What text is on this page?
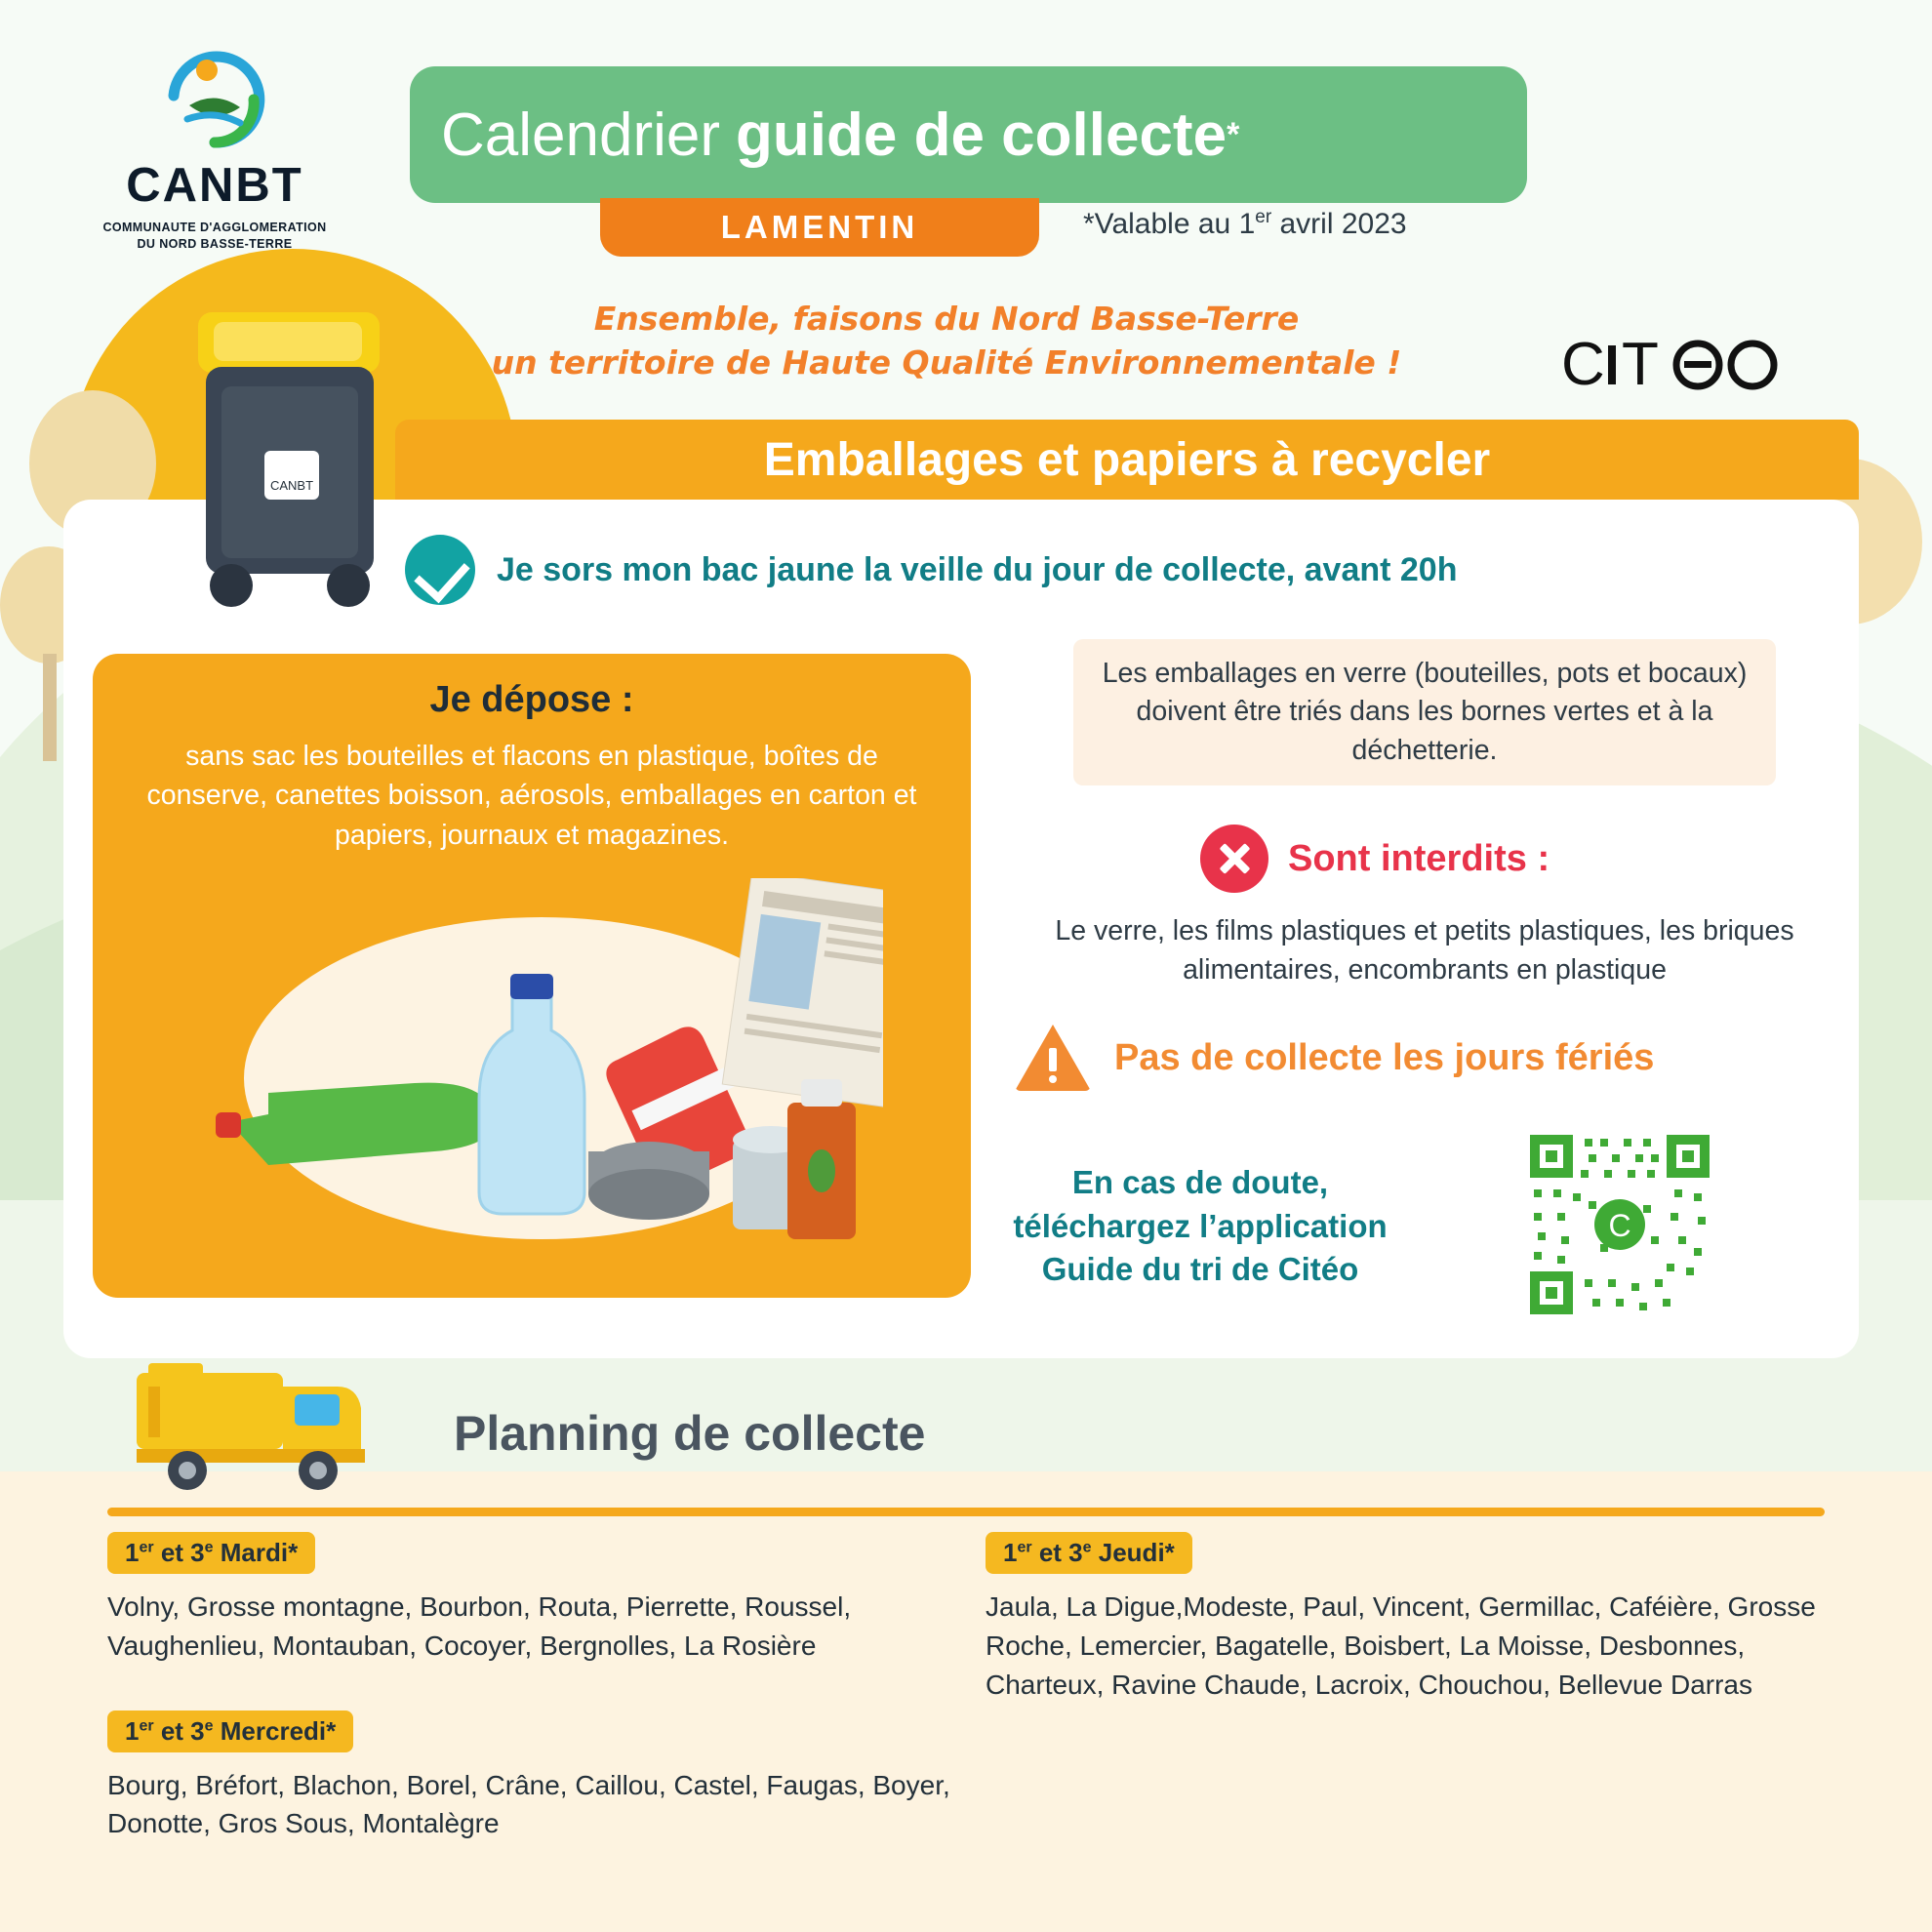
CANBT
COMMUNAUTE D'AGGLOMERATION
DU NORD BASSE-TERRE
Calendrier guide de collecte *
LAMENTIN	*Valable au 1er avril 2023
Ensemble, faisons du Nord Basse-Terre
un territoire de Haute Qualité Environnementale !	C T
Emballages et papiers à recycler
CANBT
Je sors mon bac jaune la veille du jour de collecte, avant 20h
Je dépose :
sans sac les bouteilles et flacons en plastique, boîtes de conserve, canettes boisson, aérosols, emballages en carton et papiers, journaux et magazines.
Les emballages en verre (bouteilles, pots et bocaux) doivent être triés dans les bornes vertes et à la déchetterie.
Sont interdits :
Le verre, les films plastiques et petits plastiques, les briques alimentaires, encombrants en plastique
Pas de collecte les jours fériés
En cas de doute,
téléchargez l’application
Guide du tri de Citéo
C
Planning de collecte
1er et 3e Mardi*
Volny, Grosse montagne, Bourbon, Routa, Pierrette, Roussel, Vaughenlieu, Montauban, Cocoyer, Bergnolles, La Rosière
1er et 3e Mercredi*
Bourg, Bréfort, Blachon, Borel, Crâne, Caillou, Castel, Faugas, Boyer, Donotte, Gros Sous, Montalègre
1er et 3e Jeudi*
Jaula, La Digue,Modeste, Paul, Vincent, Germillac, Caféière, Grosse Roche, Lemercier, Bagatelle, Boisbert, La Moisse, Desbonnes, Charteux, Ravine Chaude, Lacroix, Chouchou, Bellevue Darras
